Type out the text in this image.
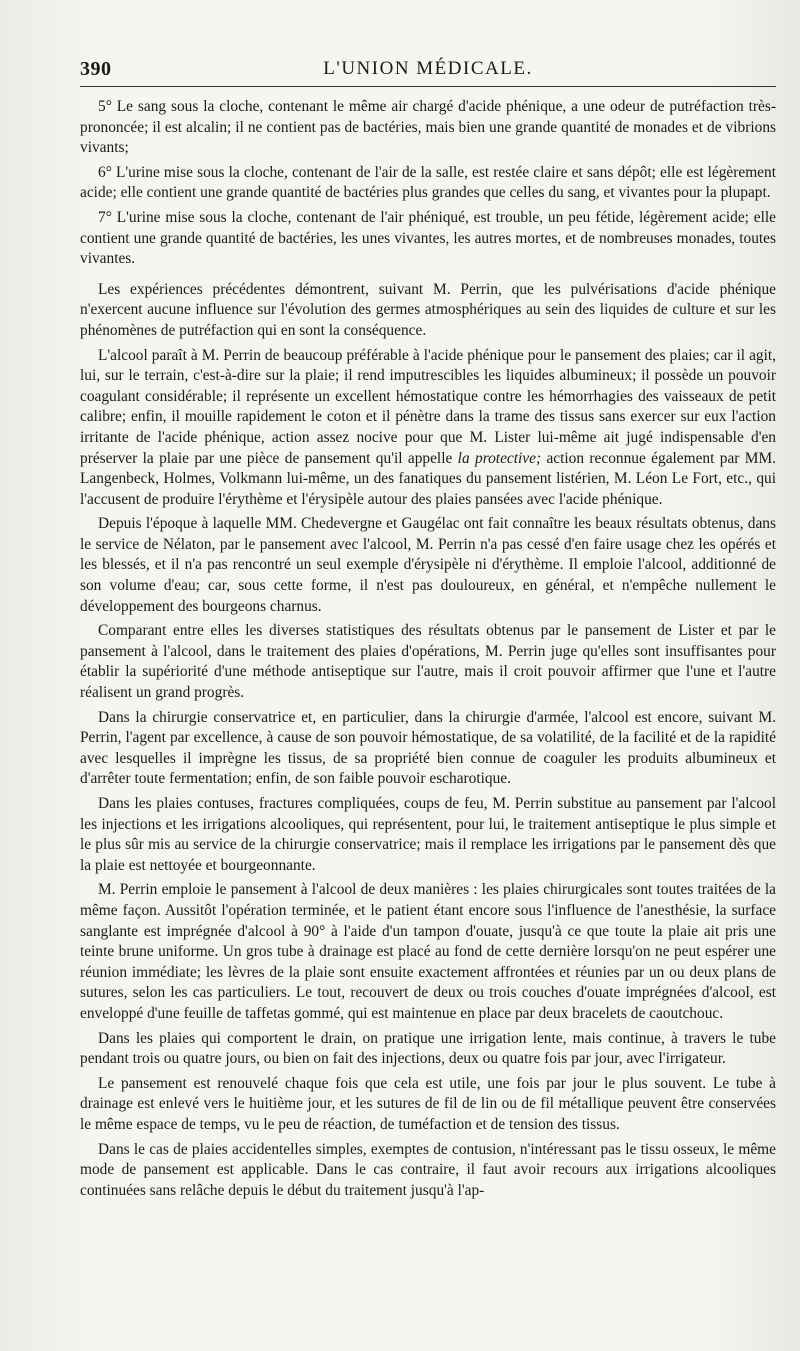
390	L'UNION MÉDICALE.

5° Le sang sous la cloche, contenant le même air chargé d'acide phénique, a une odeur de putréfaction très-prononcée; il est alcalin; il ne contient pas de bactéries, mais bien une grande quantité de monades et de vibrions vivants;

6° L'urine mise sous la cloche, contenant de l'air de la salle, est restée claire et sans dépôt; elle est légèrement acide; elle contient une grande quantité de bactéries plus grandes que celles du sang, et vivantes pour la plupapt.

7° L'urine mise sous la cloche, contenant de l'air phéniqué, est trouble, un peu fétide, légèrement acide; elle contient une grande quantité de bactéries, les unes vivantes, les autres mortes, et de nombreuses monades, toutes vivantes.

Les expériences précédentes démontrent, suivant M. Perrin, que les pulvérisations d'acide phénique n'exercent aucune influence sur l'évolution des germes atmosphériques au sein des liquides de culture et sur les phénomènes de putréfaction qui en sont la conséquence.

L'alcool paraît à M. Perrin de beaucoup préférable à l'acide phénique pour le pansement des plaies; car il agit, lui, sur le terrain, c'est-à-dire sur la plaie; il rend imputrescibles les liquides albumineux; il possède un pouvoir coagulant considérable; il représente un excellent hémostatique contre les hémorrhagies des vaisseaux de petit calibre; enfin, il mouille rapidement le coton et il pénètre dans la trame des tissus sans exercer sur eux l'action irritante de l'acide phénique, action assez nocive pour que M. Lister lui-même ait jugé indispensable d'en préserver la plaie par une pièce de pansement qu'il appelle la protective; action reconnue également par MM. Langenbeck, Holmes, Volkmann lui-même, un des fanatiques du pansement listérien, M. Léon Le Fort, etc., qui l'accusent de produire l'érythème et l'érysipèle autour des plaies pansées avec l'acide phénique.

Depuis l'époque à laquelle MM. Chedevergne et Gaugélac ont fait connaître les beaux résultats obtenus, dans le service de Nélaton, par le pansement avec l'alcool, M. Perrin n'a pas cessé d'en faire usage chez les opérés et les blessés, et il n'a pas rencontré un seul exemple d'érysipèle ni d'érythème. Il emploie l'alcool, additionné de son volume d'eau; car, sous cette forme, il n'est pas douloureux, en général, et n'empêche nullement le développement des bourgeons charnus.

Comparant entre elles les diverses statistiques des résultats obtenus par le pansement de Lister et par le pansement à l'alcool, dans le traitement des plaies d'opérations, M. Perrin juge qu'elles sont insuffisantes pour établir la supériorité d'une méthode antiseptique sur l'autre, mais il croit pouvoir affirmer que l'une et l'autre réalisent un grand progrès.

Dans la chirurgie conservatrice et, en particulier, dans la chirurgie d'armée, l'alcool est encore, suivant M. Perrin, l'agent par excellence, à cause de son pouvoir hémostatique, de sa volatilité, de la facilité et de la rapidité avec lesquelles il imprègne les tissus, de sa propriété bien connue de coaguler les produits albumineux et d'arrêter toute fermentation; enfin, de son faible pouvoir escharotique.

Dans les plaies contuses, fractures compliquées, coups de feu, M. Perrin substitue au pansement par l'alcool les injections et les irrigations alcooliques, qui représentent, pour lui, le traitement antiseptique le plus simple et le plus sûr mis au service de la chirurgie conservatrice; mais il remplace les irrigations par le pansement dès que la plaie est nettoyée et bourgeonnante.

M. Perrin emploie le pansement à l'alcool de deux manières : les plaies chirurgicales sont toutes traitées de la même façon. Aussitôt l'opération terminée, et le patient étant encore sous l'influence de l'anesthésie, la surface sanglante est imprégnée d'alcool à 90° à l'aide d'un tampon d'ouate, jusqu'à ce que toute la plaie ait pris une teinte brune uniforme. Un gros tube à drainage est placé au fond de cette dernière lorsqu'on ne peut espérer une réunion immédiate; les lèvres de la plaie sont ensuite exactement affrontées et réunies par un ou deux plans de sutures, selon les cas particuliers. Le tout, recouvert de deux ou trois couches d'ouate imprégnées d'alcool, est enveloppé d'une feuille de taffetas gommé, qui est maintenue en place par deux bracelets de caoutchouc.

Dans les plaies qui comportent le drain, on pratique une irrigation lente, mais continue, à travers le tube pendant trois ou quatre jours, ou bien on fait des injections, deux ou quatre fois par jour, avec l'irrigateur.

Le pansement est renouvelé chaque fois que cela est utile, une fois par jour le plus souvent. Le tube à drainage est enlevé vers le huitième jour, et les sutures de fil de lin ou de fil métallique peuvent être conservées le même espace de temps, vu le peu de réaction, de tuméfaction et de tension des tissus.

Dans le cas de plaies accidentelles simples, exemptes de contusion, n'intéressant pas le tissu osseux, le même mode de pansement est applicable. Dans le cas contraire, il faut avoir recours aux irrigations alcooliques continuées sans relâche depuis le début du traitement jusqu'à l'ap-
